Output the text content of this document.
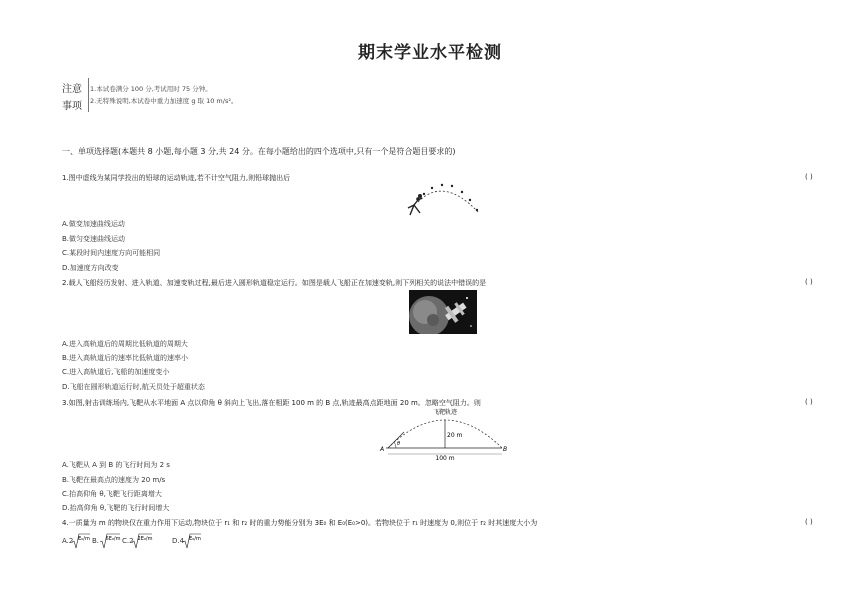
期末学业水平检测
注意
事项
1.本试卷满分 100 分,考试用时 75 分钟。
2.无特殊说明,本试卷中重力加速度 g 取 10 m/s²。
一、单项选择题(本题共 8 小题,每小题 3 分,共 24 分。在每小题给出的四个选项中,只有一个是符合题目要求的)
1.图中虚线为某同学投出的铅球的运动轨迹,若不计空气阻力,则铅球抛出后	( )
A.做变加速曲线运动
B.做匀变速曲线运动
C.某段时间内速度方向可能相同
D.加速度方向改变
2.载人飞船经历发射、进入轨道、加速变轨过程,最后进入圆形轨道稳定运行。如图是载人飞船正在加速变轨,则下列相关的说法中错误的是	( )
A.进入高轨道后的周期比低轨道的周期大
B.进入高轨道后的速率比低轨道的速率小
C.进入高轨道后,飞船的加速度变小
D.飞船在圆形轨道运行时,航天员处于超重状态
3.如图,射击训练场内,飞靶从水平地面 A 点以仰角 θ 斜向上飞出,落在相距 100 m 的 B 点,轨迹最高点距地面 20 m。忽略空气阻力。则	( )
飞靶轨迹
20 m
100 m
A	B
θ
A.飞靶从 A 到 B 的飞行时间为 2 s
B.飞靶在最高点的速度为 20 m/s
C.抬高仰角 θ,飞靶飞行距离增大
D.抬高仰角 θ,飞靶的飞行时间增大
4.一质量为 m 的物块仅在重力作用下运动,物块位于 r₁ 和 r₂ 时的重力势能分别为 3E₀ 和 E₀(E₀>0)。若物块位于 r₁ 时速度为 0,则位于 r₂ 时其速度大小为	( )
A.2 E₀/m B. 6E₀/m C.2 2E₀/m	D.4 E₀/m
